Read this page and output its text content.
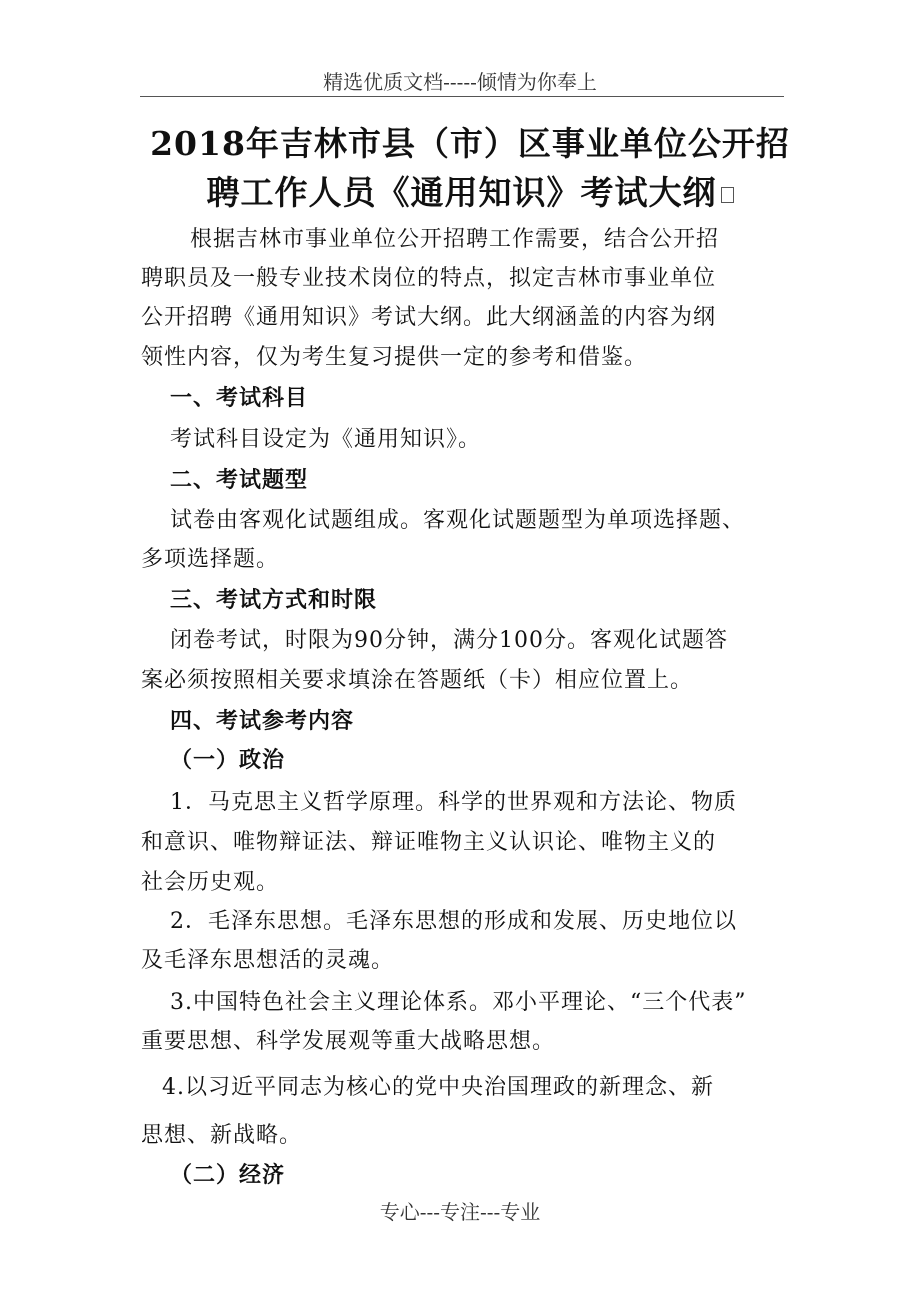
精选优质文档-----倾情为你奉上
2018年吉林市县（市）区事业单位公开招
聘工作人员《通用知识》考试大纲
根据吉林市事业单位公开招聘工作需要，结合公开招
聘职员及一般专业技术岗位的特点，拟定吉林市事业单位
公开招聘《通用知识》考试大纲。此大纲涵盖的内容为纲
领性内容，仅为考生复习提供一定的参考和借鉴。
一、考试科目
考试科目设定为《通用知识》。
二、考试题型
试卷由客观化试题组成。客观化试题题型为单项选择题、
多项选择题。
三、考试方式和时限
闭卷考试，时限为90分钟，满分100分。客观化试题答
案必须按照相关要求填涂在答题纸（卡）相应位置上。
四、考试参考内容
（一）政治
1．马克思主义哲学原理。科学的世界观和方法论、物质
和意识、唯物辩证法、辩证唯物主义认识论、唯物主义的
社会历史观。
2．毛泽东思想。毛泽东思想的形成和发展、历史地位以
及毛泽东思想活的灵魂。
3.中国特色社会主义理论体系。邓小平理论、“三个代表”
重要思想、科学发展观等重大战略思想。
4.以习近平同志为核心的党中央治国理政的新理念、新
思想、新战略。
（二）经济
专心---专注---专业
